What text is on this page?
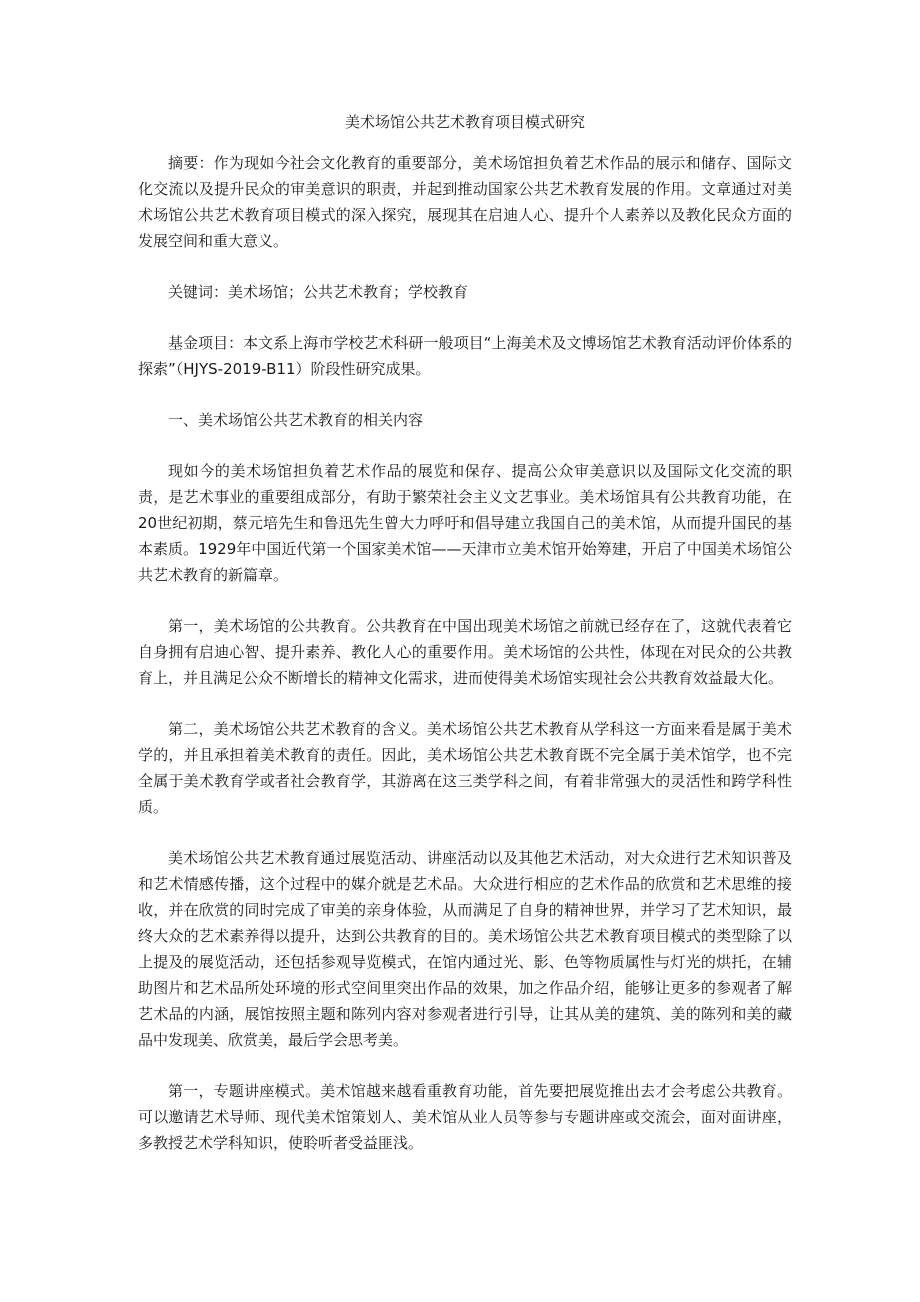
美术场馆公共艺术教育项目模式研究

摘要：作为现如今社会文化教育的重要部分，美术场馆担负着艺术作品的展示和储存、国际文化交流以及提升民众的审美意识的职责，并起到推动国家公共艺术教育发展的作用。文章通过对美术场馆公共艺术教育项目模式的深入探究，展现其在启迪人心、提升个人素养以及教化民众方面的发展空间和重大意义。

关键词：美术场馆；公共艺术教育；学校教育

基金项目：本文系上海市学校艺术科研一般项目“上海美术及文博场馆艺术教育活动评价体系的探索”（HJYS-2019-B11）阶段性研究成果。

一、美术场馆公共艺术教育的相关内容

现如今的美术场馆担负着艺术作品的展览和保存、提高公众审美意识以及国际文化交流的职责，是艺术事业的重要组成部分，有助于繁荣社会主义文艺事业。美术场馆具有公共教育功能，在20世纪初期，蔡元培先生和鲁迅先生曾大力呼吁和倡导建立我国自己的美术馆，从而提升国民的基本素质。1929年中国近代第一个国家美术馆——天津市立美术馆开始筹建，开启了中国美术场馆公共艺术教育的新篇章。

第一，美术场馆的公共教育。公共教育在中国出现美术场馆之前就已经存在了，这就代表着它自身拥有启迪心智、提升素养、教化人心的重要作用。美术场馆的公共性，体现在对民众的公共教育上，并且满足公众不断增长的精神文化需求，进而使得美术场馆实现社会公共教育效益最大化。

第二，美术场馆公共艺术教育的含义。美术场馆公共艺术教育从学科这一方面来看是属于美术学的，并且承担着美术教育的责任。因此，美术场馆公共艺术教育既不完全属于美术馆学，也不完全属于美术教育学或者社会教育学，其游离在这三类学科之间，有着非常强大的灵活性和跨学科性质。

美术场馆公共艺术教育通过展览活动、讲座活动以及其他艺术活动，对大众进行艺术知识普及和艺术情感传播，这个过程中的媒介就是艺术品。大众进行相应的艺术作品的欣赏和艺术思维的接收，并在欣赏的同时完成了审美的亲身体验，从而满足了自身的精神世界，并学习了艺术知识，最终大众的艺术素养得以提升，达到公共教育的目的。美术场馆公共艺术教育项目模式的类型除了以上提及的展览活动，还包括参观导览模式，在馆内通过光、影、色等物质属性与灯光的烘托，在辅助图片和艺术品所处环境的形式空间里突出作品的效果，加之作品介绍，能够让更多的参观者了解艺术品的内涵，展馆按照主题和陈列内容对参观者进行引导，让其从美的建筑、美的陈列和美的藏品中发现美、欣赏美，最后学会思考美。

第一，专题讲座模式。美术馆越来越看重教育功能，首先要把展览推出去才会考虑公共教育。可以邀请艺术导师、现代美术馆策划人、美术馆从业人员等参与专题讲座或交流会，面对面讲座，多教授艺术学科知识，使聆听者受益匪浅。
